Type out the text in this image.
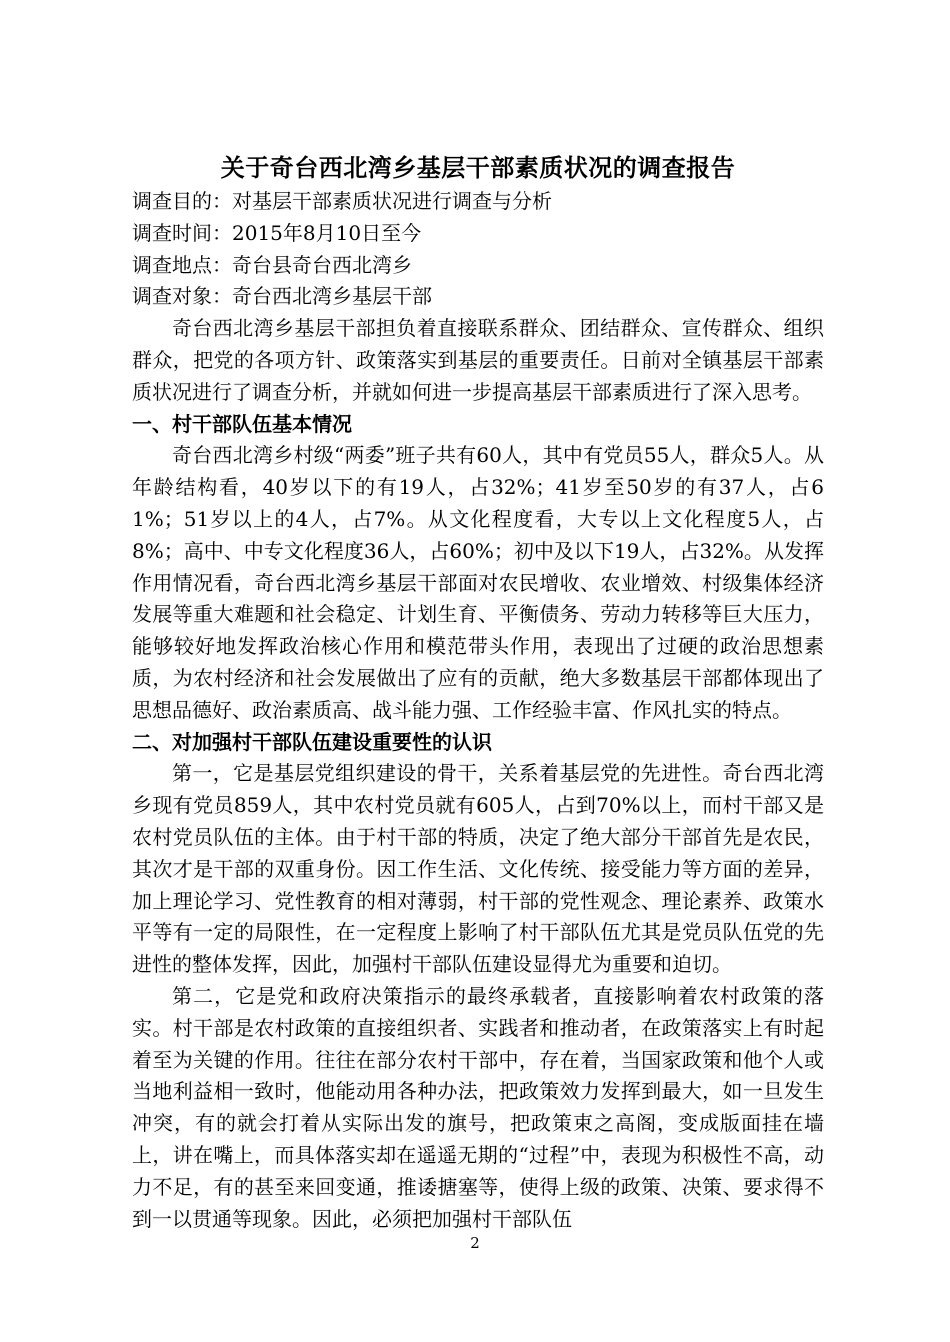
关于奇台西北湾乡基层干部素质状况的调查报告

调查目的：对基层干部素质状况进行调查与分析

调查时间：2015年8月10日至今

调查地点：奇台县奇台西北湾乡

调查对象：奇台西北湾乡基层干部

奇台西北湾乡基层干部担负着直接联系群众、团结群众、宣传群众、组织群众，把党的各项方针、政策落实到基层的重要责任。日前对全镇基层干部素质状况进行了调查分析，并就如何进一步提高基层干部素质进行了深入思考。

一、村干部队伍基本情况

奇台西北湾乡村级“两委”班子共有60人，其中有党员55人，群众5人。从年龄结构看，40岁以下的有19人，占32%；41岁至50岁的有37人，占61%；51岁以上的4人，占7%。从文化程度看，大专以上文化程度5人，占8%；高中、中专文化程度36人，占60%；初中及以下19人，占32%。从发挥作用情况看，奇台西北湾乡基层干部面对农民增收、农业增效、村级集体经济发展等重大难题和社会稳定、计划生育、平衡债务、劳动力转移等巨大压力，能够较好地发挥政治核心作用和模范带头作用，表现出了过硬的政治思想素质，为农村经济和社会发展做出了应有的贡献，绝大多数基层干部都体现出了思想品德好、政治素质高、战斗能力强、工作经验丰富、作风扎实的特点。

二、对加强村干部队伍建设重要性的认识

第一，它是基层党组织建设的骨干，关系着基层党的先进性。奇台西北湾乡现有党员859人，其中农村党员就有605人，占到70%以上，而村干部又是农村党员队伍的主体。由于村干部的特质，决定了绝大部分干部首先是农民，其次才是干部的双重身份。因工作生活、文化传统、接受能力等方面的差异，加上理论学习、党性教育的相对薄弱，村干部的党性观念、理论素养、政策水平等有一定的局限性，在一定程度上影响了村干部队伍尤其是党员队伍党的先进性的整体发挥，因此，加强村干部队伍建设显得尤为重要和迫切。

第二，它是党和政府决策指示的最终承载者，直接影响着农村政策的落实。村干部是农村政策的直接组织者、实践者和推动者，在政策落实上有时起着至为关键的作用。往往在部分农村干部中，存在着，当国家政策和他个人或当地利益相一致时，他能动用各种办法，把政策效力发挥到最大，如一旦发生冲突，有的就会打着从实际出发的旗号，把政策束之高阁，变成版面挂在墙上，讲在嘴上，而具体落实却在遥遥无期的“过程”中，表现为积极性不高，动力不足，有的甚至来回变通，推诿搪塞等，使得上级的政策、决策、要求得不到一以贯通等现象。因此，必须把加强村干部队伍

2
